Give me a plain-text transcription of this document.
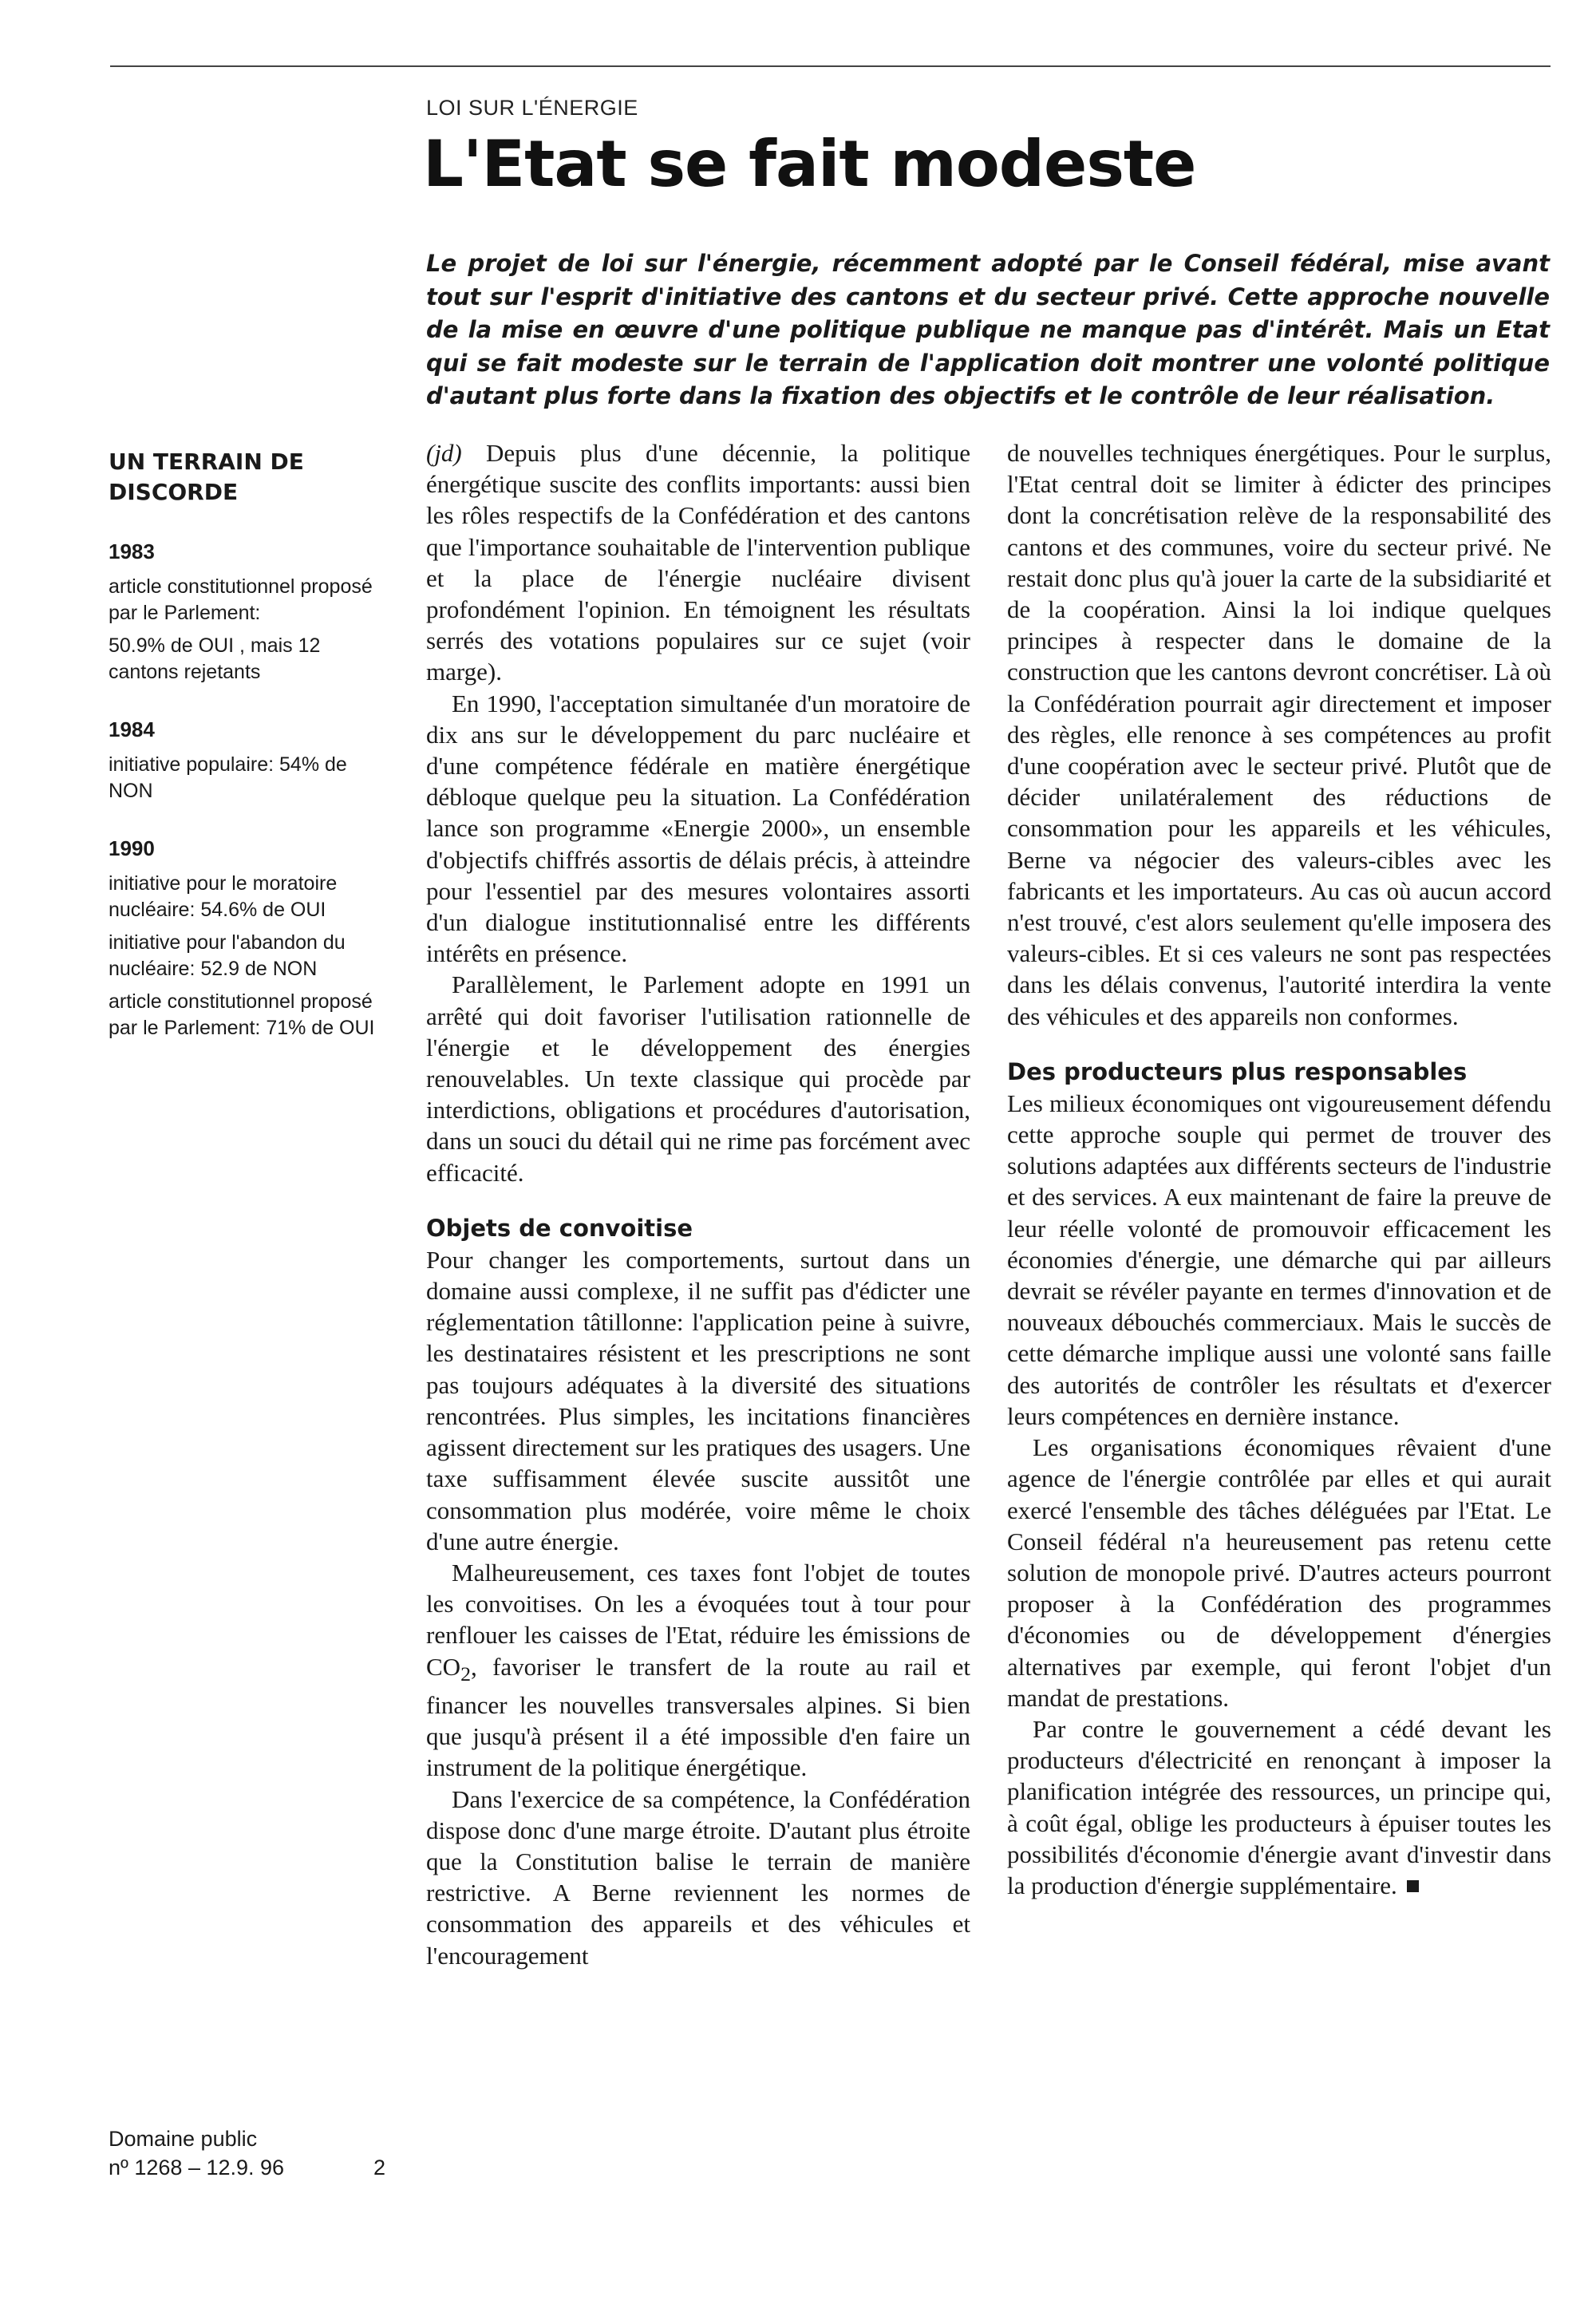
LOI SUR L'ÉNERGIE
L'Etat se fait modeste

Le projet de loi sur l'énergie, récemment adopté par le Conseil fédéral, mise avant tout sur l'esprit d'initiative des cantons et du secteur privé. Cette approche nouvelle de la mise en œuvre d'une politique publique ne manque pas d'intérêt. Mais un Etat qui se fait modeste sur le terrain de l'application doit montrer une volonté politique d'autant plus forte dans la fixation des objectifs et le contrôle de leur réalisation.

UN TERRAIN DE DISCORDE
1983
article constitutionnel proposé par le Parlement:
50.9% de OUI , mais 12 cantons rejetants
1984
initiative populaire: 54% de NON
1990
initiative pour le moratoire nucléaire: 54.6% de OUI
initiative pour l'abandon du nucléaire: 52.9 de NON
article constitutionnel proposé par le Parlement: 71% de OUI

(jd) Depuis plus d'une décennie, la politique énergétique suscite des conflits importants: aussi bien les rôles respectifs de la Confédération et des cantons que l'importance souhaitable de l'intervention publique et la place de l'énergie nucléaire divisent profondément l'opinion. En témoignent les résultats serrés des votations populaires sur ce sujet (voir marge).

En 1990, l'acceptation simultanée d'un moratoire de dix ans sur le développement du parc nucléaire et d'une compétence fédérale en matière énergétique débloque quelque peu la situation. La Confédération lance son programme «Energie 2000», un ensemble d'objectifs chiffrés assortis de délais précis, à atteindre pour l'essentiel par des mesures volontaires assorti d'un dialogue institutionnalisé entre les différents intérêts en présence.

Parallèlement, le Parlement adopte en 1991 un arrêté qui doit favoriser l'utilisation rationnelle de l'énergie et le développement des énergies renouvelables. Un texte classique qui procède par interdictions, obligations et procédures d'autorisation, dans un souci du détail qui ne rime pas forcément avec efficacité.

Objets de convoitise

Pour changer les comportements, surtout dans un domaine aussi complexe, il ne suffit pas d'édicter une réglementation tâtillonne: l'application peine à suivre, les destinataires résistent et les prescriptions ne sont pas toujours adéquates à la diversité des situations rencontrées. Plus simples, les incitations financières agissent directement sur les pratiques des usagers. Une taxe suffisamment élevée suscite aussitôt une consommation plus modérée, voire même le choix d'une autre énergie.

Malheureusement, ces taxes font l'objet de toutes les convoitises. On les a évoquées tout à tour pour renflouer les caisses de l'Etat, réduire les émissions de $CO_2$, favoriser le transfert de la route au rail et financer les nouvelles transversales alpines. Si bien que jusqu'à présent il a été impossible d'en faire un instrument de la politique énergétique.

Dans l'exercice de sa compétence, la Confédération dispose donc d'une marge étroite. D'autant plus étroite que la Constitution balise le terrain de manière restrictive. A Berne reviennent les normes de consommation des appareils et des véhicules et l'encouragement

de nouvelles techniques énergétiques. Pour le surplus, l'Etat central doit se limiter à édicter des principes dont la concrétisation relève de la responsabilité des cantons et des communes, voire du secteur privé. Ne restait donc plus qu'à jouer la carte de la subsidiarité et de la coopération. Ainsi la loi indique quelques principes à respecter dans le domaine de la construction que les cantons devront concrétiser. Là où la Confédération pourrait agir directement et imposer des règles, elle renonce à ses compétences au profit d'une coopération avec le secteur privé. Plutôt que de décider unilatéralement des réductions de consommation pour les appareils et les véhicules, Berne va négocier des valeurs-cibles avec les fabricants et les importateurs. Au cas où aucun accord n'est trouvé, c'est alors seulement qu'elle imposera des valeurs-cibles. Et si ces valeurs ne sont pas respectées dans les délais convenus, l'autorité interdira la vente des véhicules et des appareils non conformes.

Des producteurs plus responsables

Les milieux économiques ont vigoureusement défendu cette approche souple qui permet de trouver des solutions adaptées aux différents secteurs de l'industrie et des services. A eux maintenant de faire la preuve de leur réelle volonté de promouvoir efficacement les économies d'énergie, une démarche qui par ailleurs devrait se révéler payante en termes d'innovation et de nouveaux débouchés commerciaux. Mais le succès de cette démarche implique aussi une volonté sans faille des autorités de contrôler les résultats et d'exercer leurs compétences en dernière instance.

Les organisations économiques rêvaient d'une agence de l'énergie contrôlée par elles et qui aurait exercé l'ensemble des tâches déléguées par l'Etat. Le Conseil fédéral n'a heureusement pas retenu cette solution de monopole privé. D'autres acteurs pourront proposer à la Confédération des programmes d'économies ou de développement d'énergies alternatives par exemple, qui feront l'objet d'un mandat de prestations.

Par contre le gouvernement a cédé devant les producteurs d'électricité en renonçant à imposer la planification intégrée des ressources, un principe qui, à coût égal, oblige les producteurs à épuiser toutes les possibilités d'économie d'énergie avant d'investir dans la production d'énergie supplémentaire.

Domaine public
nº 1268 – 12.9. 96	2
